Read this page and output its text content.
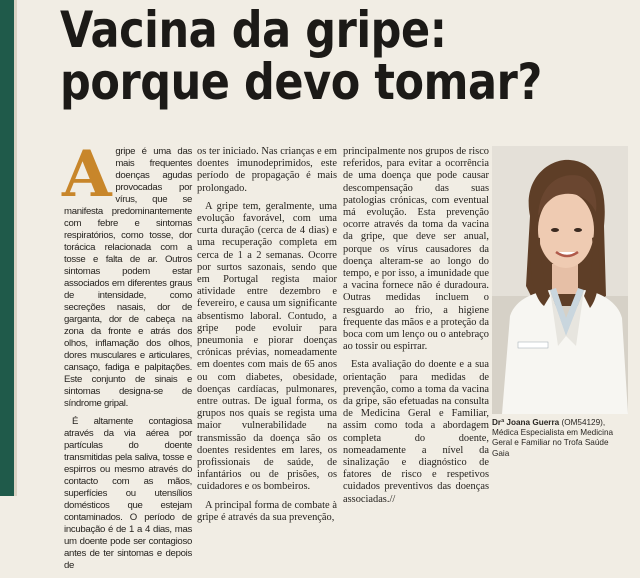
Vacina da gripe:
porque devo tomar?

A gripe é uma das mais frequentes doenças agudas provocadas por vírus, que se manifesta predominantemente com febre e sintomas respiratórios, como tosse, dor torácica relacionada com a tosse e falta de ar. Outros sintomas podem estar associados em diferentes graus de intensidade, como secreções nasais, dor de garganta, dor de cabeça na zona da fronte e atrás dos olhos, inflamação dos olhos, dores musculares e articulares, cansaço, fadiga e palpitações. Este conjunto de sinais e sintomas designa-se de síndrome gripal.

É altamente contagiosa através da via aérea por partículas do doente transmitidas pela saliva, tosse e espirros ou mesmo através do contacto com as mãos, superfícies ou utensílios domésticos que estejam contaminados. O período de incubação é de 1 a 4 dias, mas um doente pode ser contagioso antes de ter sintomas e depois de

os ter iniciado. Nas crianças e em doentes imunodeprimidos, este período de propagação é mais prolongado.

A gripe tem, geralmente, uma evolução favorável, com uma curta duração (cerca de 4 dias) e uma recuperação completa em cerca de 1 a 2 semanas. Ocorre por surtos sazonais, sendo que em Portugal regista maior atividade entre dezembro e fevereiro, e causa um significante absentismo laboral. Contudo, a gripe pode evoluir para pneumonia e piorar doenças crónicas prévias, nomeadamente em doentes com mais de 65 anos ou com diabetes, obesidade, doenças cardíacas, pulmonares, entre outras. De igual forma, os grupos nos quais se regista uma maior vulnerabilidade na transmissão da doença são os doentes residentes em lares, os profissionais de saúde, de infantários ou de prisões, os cuidadores e os bombeiros.

A principal forma de combate à gripe é através da sua prevenção,

principalmente nos grupos de risco referidos, para evitar a ocorrência de uma doença que pode causar descompensação das suas patologias crónicas, com eventual má evolução. Esta prevenção ocorre através da toma da vacina da gripe, que deve ser anual, porque os vírus causadores da doença alteram-se ao longo do tempo, e por isso, a imunidade que a vacina fornece não é duradoura. Outras medidas incluem o resguardo ao frio, a higiene frequente das mãos e a proteção da boca com um lenço ou o antebraço ao tossir ou espirrar.

Esta avaliação do doente e a sua orientação para medidas de prevenção, como a toma da vacina da gripe, são efetuadas na consulta de Medicina Geral e Familiar, assim como toda a abordagem completa do doente, nomeadamente a nível da sinalização e diagnóstico de fatores de risco e respetivos cuidados preventivos das doenças associadas.//

Drª Joana Guerra (OM54129), Médica Especialista em Medicina Geral e Familiar no Trofa Saúde Gaia
